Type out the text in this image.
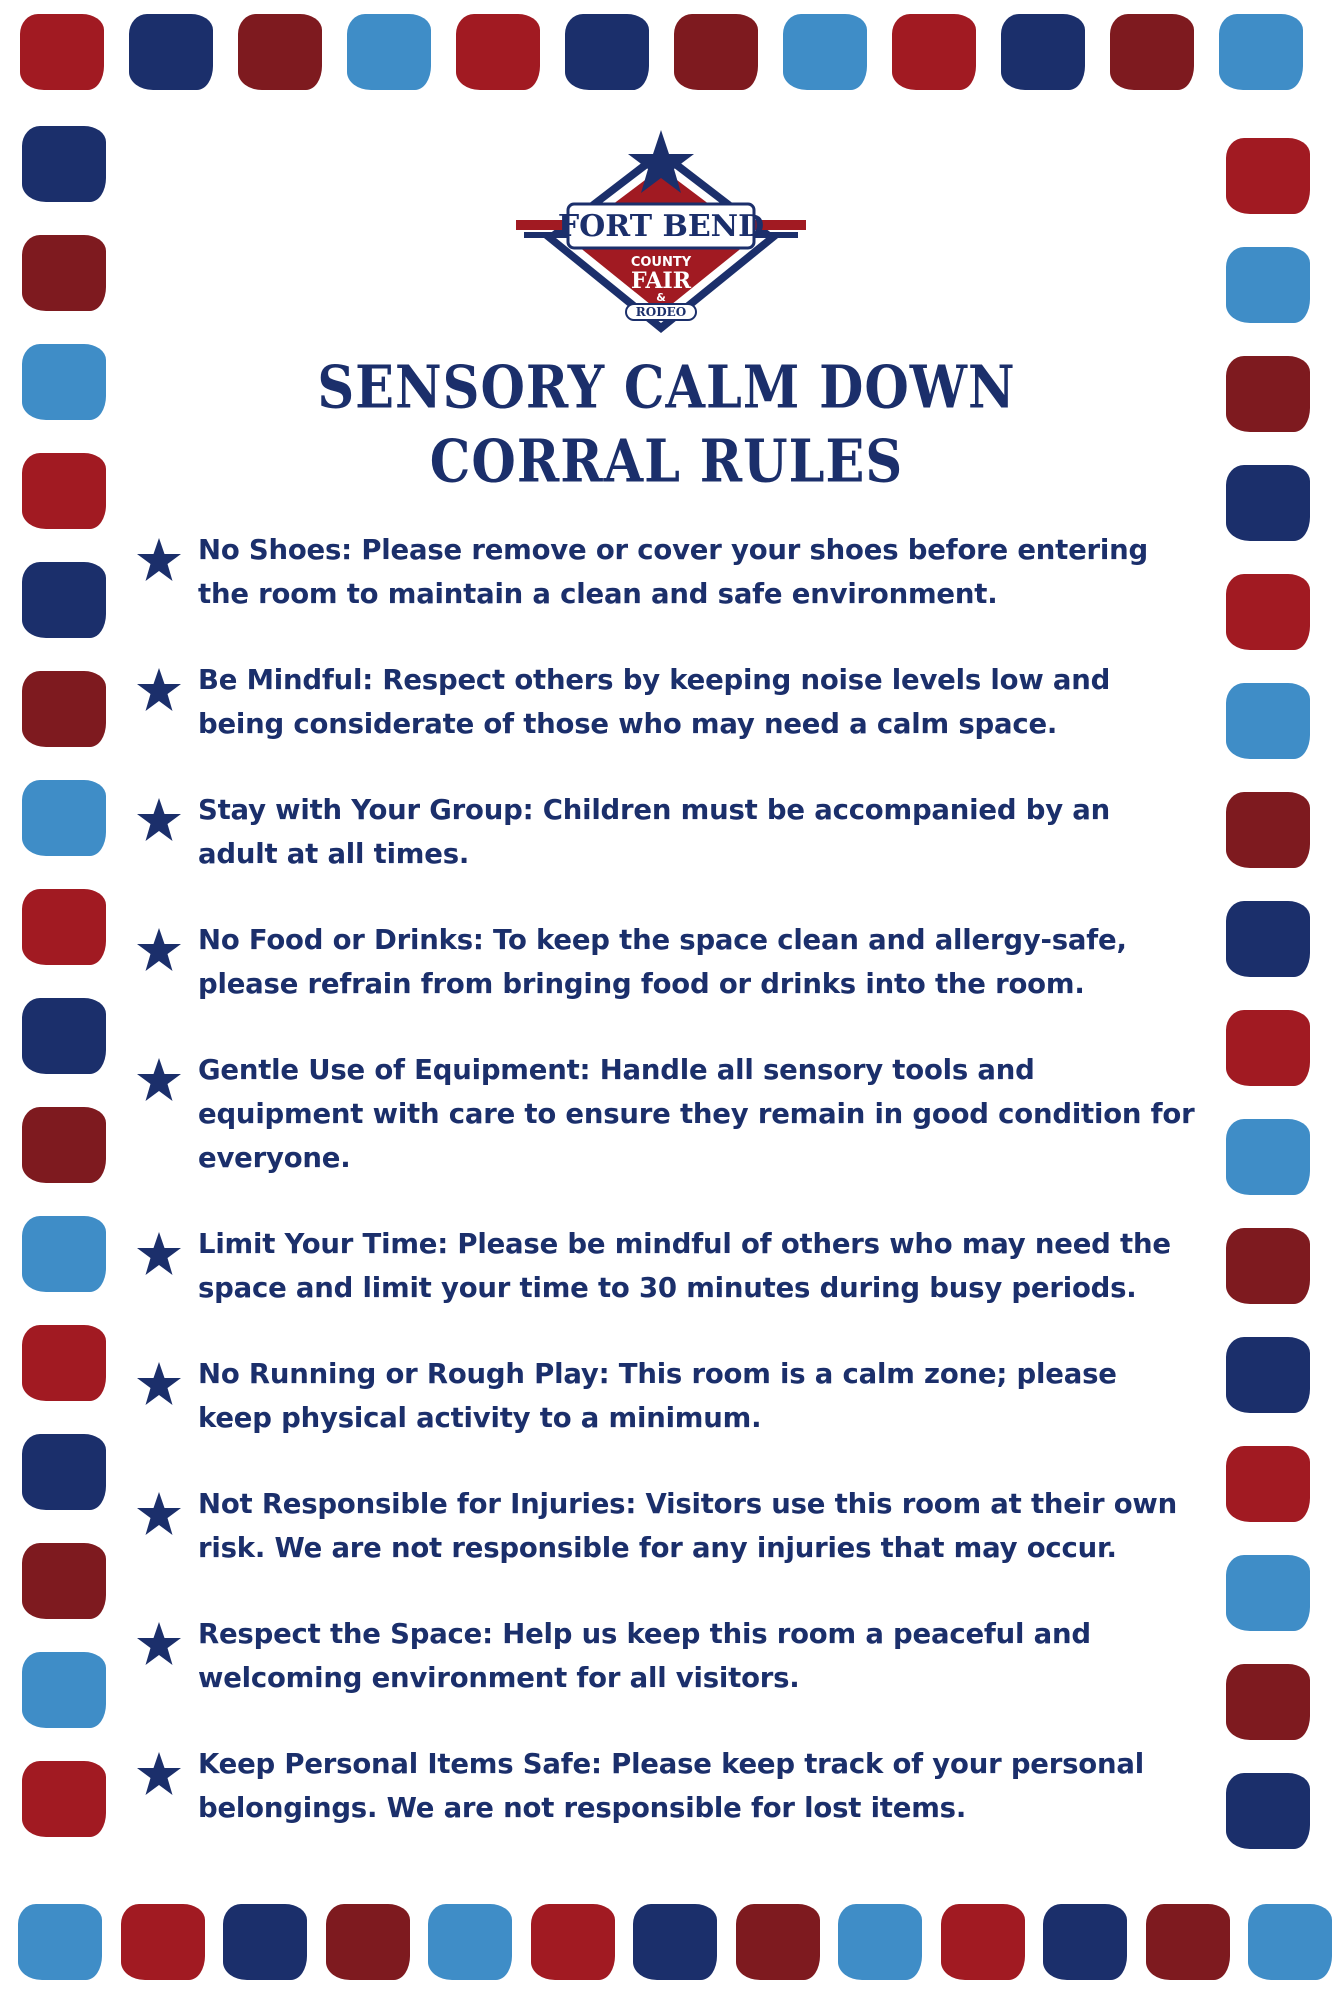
FORT BEND
COUNTY
FAIR
&
RODEO
SENSORY CALM DOWN
CORRAL RULES
No Shoes: Please remove or cover your shoes before entering the room to maintain a clean and safe environment.
Be Mindful: Respect others by keeping noise levels low and being considerate of those who may need a calm space.
Stay with Your Group: Children must be accompanied by an adult at all times.
No Food or Drinks: To keep the space clean and allergy-safe, please refrain from bringing food or drinks into the room.
Gentle Use of Equipment: Handle all sensory tools and equipment with care to ensure they remain in good condition for everyone.
Limit Your Time: Please be mindful of others who may need the space and limit your time to 30 minutes during busy periods.
No Running or Rough Play: This room is a calm zone; please keep physical activity to a minimum.
Not Responsible for Injuries: Visitors use this room at their own risk. We are not responsible for any injuries that may occur.
Respect the Space: Help us keep this room a peaceful and welcoming environment for all visitors.
Keep Personal Items Safe: Please keep track of your personal belongings. We are not responsible for lost items.
